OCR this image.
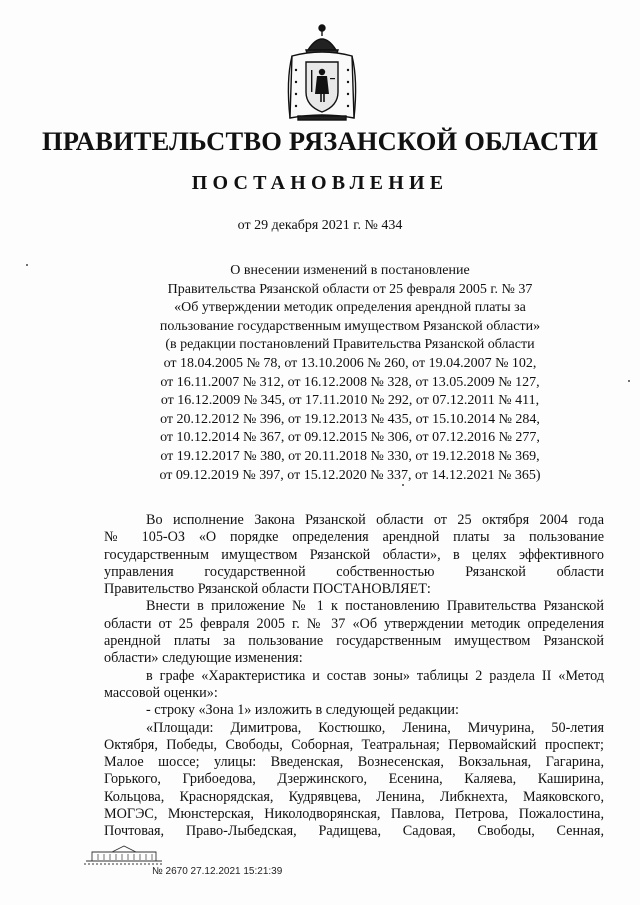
ПРАВИТЕЛЬСТВО РЯЗАНСКОЙ ОБЛАСТИ
ПОСТАНОВЛЕНИЕ
от 29 декабря 2021 г. № 434
О внесении изменений в постановление
Правительства Рязанской области от 25 февраля 2005 г. № 37
«Об утверждении методик определения арендной платы за
пользование государственным имуществом Рязанской области»
(в редакции постановлений Правительства Рязанской области
от 18.04.2005 № 78, от 13.10.2006 № 260, от 19.04.2007 № 102,
от 16.11.2007 № 312, от 16.12.2008 № 328, от 13.05.2009 № 127,
от 16.12.2009 № 345, от 17.11.2010 № 292, от 07.12.2011 № 411,
от 20.12.2012 № 396, от 19.12.2013 № 435, от 15.10.2014 № 284,
от 10.12.2014 № 367, от 09.12.2015 № 306, от 07.12.2016 № 277,
от 19.12.2017 № 380, от 20.11.2018 № 330, от 19.12.2018 № 369,
от 09.12.2019 № 397, от 15.12.2020 № 337, от 14.12.2021 № 365)

Во исполнение Закона Рязанской области от 25 октября 2004 года
№ 105-ОЗ «О порядке определения арендной платы за пользование
государственным имуществом Рязанской области», в целях эффективного
управления государственной собственностью Рязанской области
Правительство Рязанской области ПОСТАНОВЛЯЕТ:

Внести в приложение № 1 к постановлению Правительства Рязанской
области от 25 февраля 2005 г. № 37 «Об утверждении методик определения
арендной платы за пользование государственным имуществом Рязанской
области» следующие изменения:

в графе «Характеристика и состав зоны» таблицы 2 раздела II «Метод
массовой оценки»:

- строку «Зона 1» изложить в следующей редакции:

«Площади: Димитрова, Костюшко, Ленина, Мичурина, 50-летия
Октября, Победы, Свободы, Соборная, Театральная; Первомайский проспект;
Малое шоссе; улицы: Введенская, Вознесенская, Вокзальная, Гагарина,
Горького, Грибоедова, Дзержинского, Есенина, Каляева, Каширина,
Кольцова, Краснорядская, Кудрявцева, Ленина, Либкнехта, Маяковского,
МОГЭС, Мюнстерская, Николодворянская, Павлова, Петрова, Пожалостина,
Почтовая, Право-Лыбедская, Радищева, Садовая, Свободы, Сенная,

№ 2670 27.12.2021 15:21:39
